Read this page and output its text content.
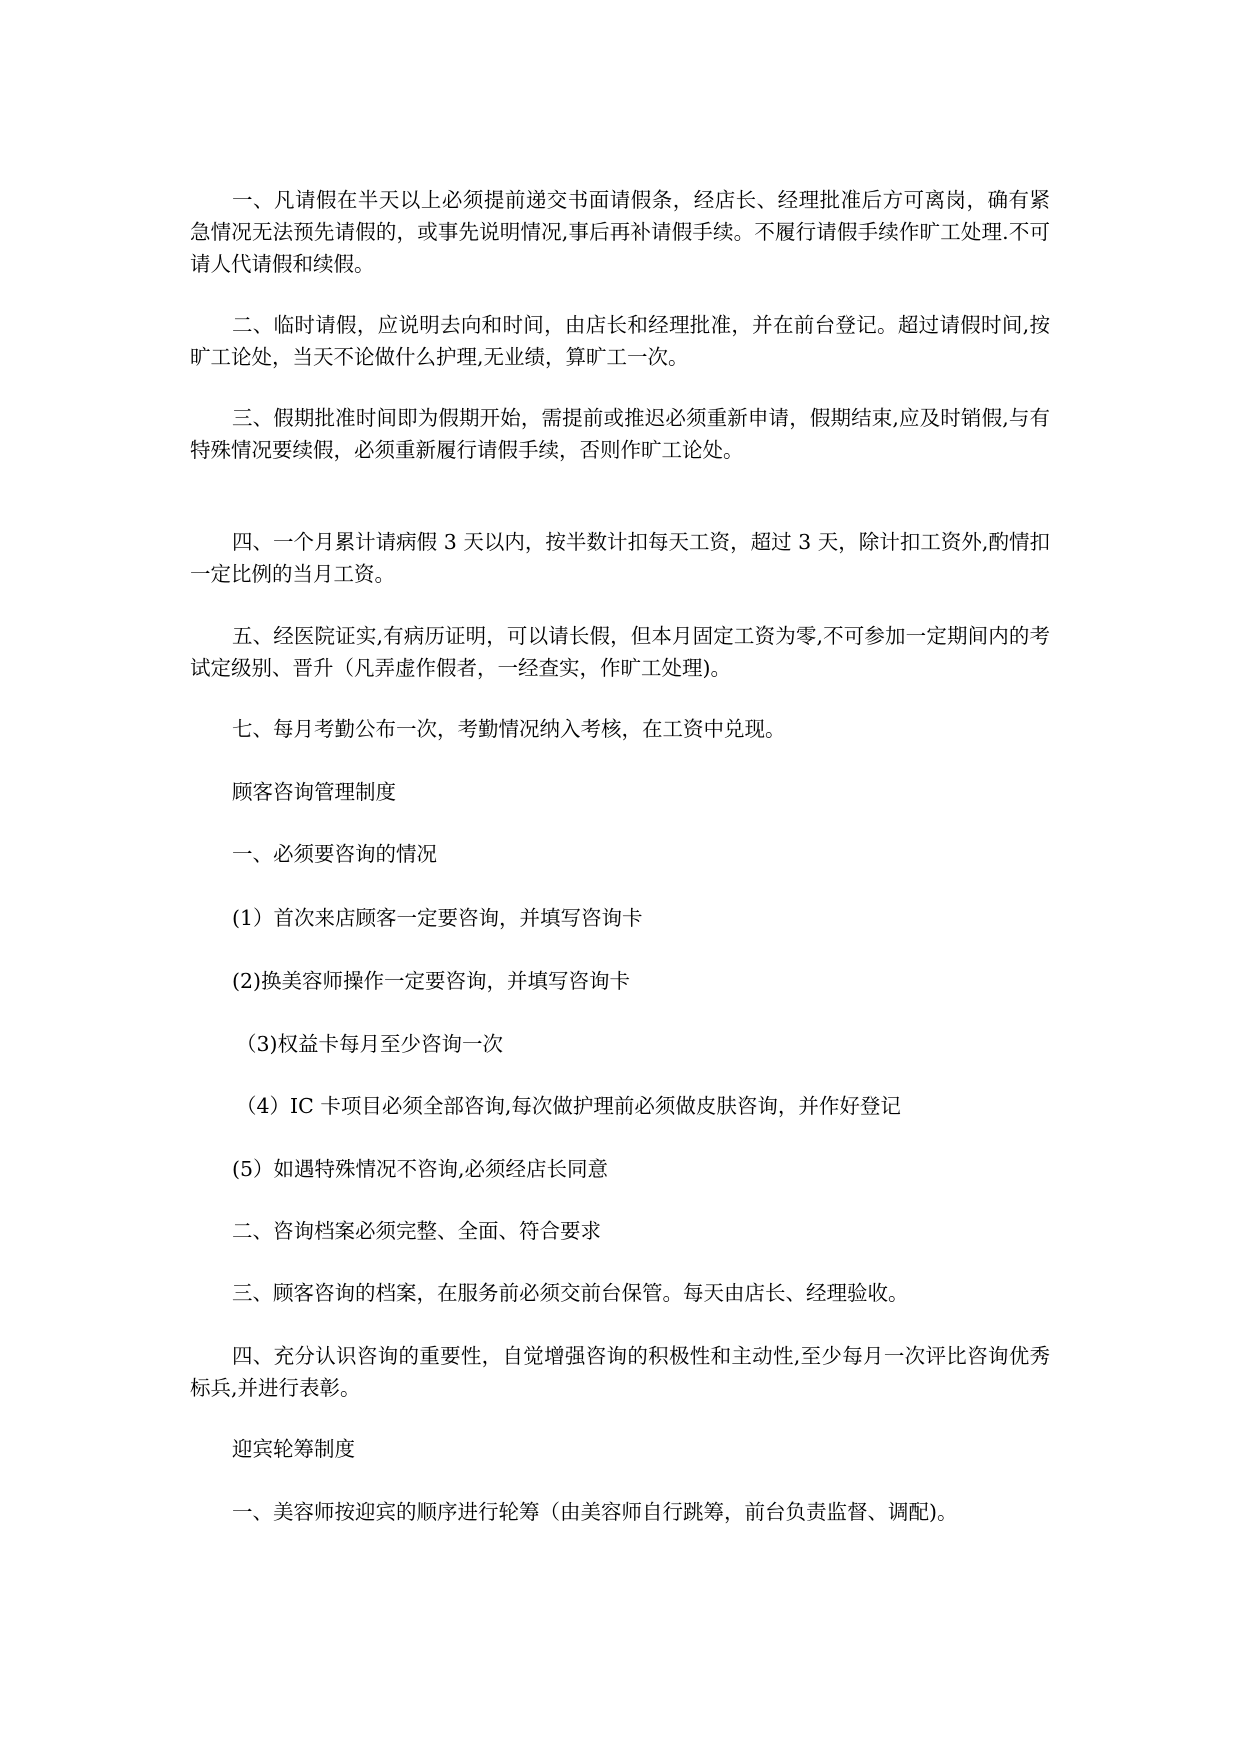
一、凡请假在半天以上必须提前递交书面请假条，经店长、经理批准后方可离岗，确有紧急情况无法预先请假的，或事先说明情况,事后再补请假手续。不履行请假手续作旷工处理.不可请人代请假和续假。

二、临时请假，应说明去向和时间，由店长和经理批准，并在前台登记。超过请假时间,按旷工论处，当天不论做什么护理,无业绩，算旷工一次。

三、假期批准时间即为假期开始，需提前或推迟必须重新申请，假期结束,应及时销假,与有特殊情况要续假，必须重新履行请假手续，否则作旷工论处。

四、一个月累计请病假 3 天以内，按半数计扣每天工资，超过 3 天，除计扣工资外,酌情扣一定比例的当月工资。

五、经医院证实,有病历证明，可以请长假，但本月固定工资为零,不可参加一定期间内的考试定级别、晋升（凡弄虚作假者，一经查实，作旷工处理)。

七、每月考勤公布一次，考勤情况纳入考核，在工资中兑现。

顾客咨询管理制度

一、必须要咨询的情况

(1）首次来店顾客一定要咨询，并填写咨询卡

(2)换美容师操作一定要咨询，并填写咨询卡

（3)权益卡每月至少咨询一次

（4）IC 卡项目必须全部咨询,每次做护理前必须做皮肤咨询，并作好登记

(5）如遇特殊情况不咨询,必须经店长同意

二、咨询档案必须完整、全面、符合要求

三、顾客咨询的档案，在服务前必须交前台保管。每天由店长、经理验收。

四、充分认识咨询的重要性，自觉增强咨询的积极性和主动性,至少每月一次评比咨询优秀标兵,并进行表彰。

迎宾轮筹制度

一、美容师按迎宾的顺序进行轮筹（由美容师自行跳筹，前台负责监督、调配)。
